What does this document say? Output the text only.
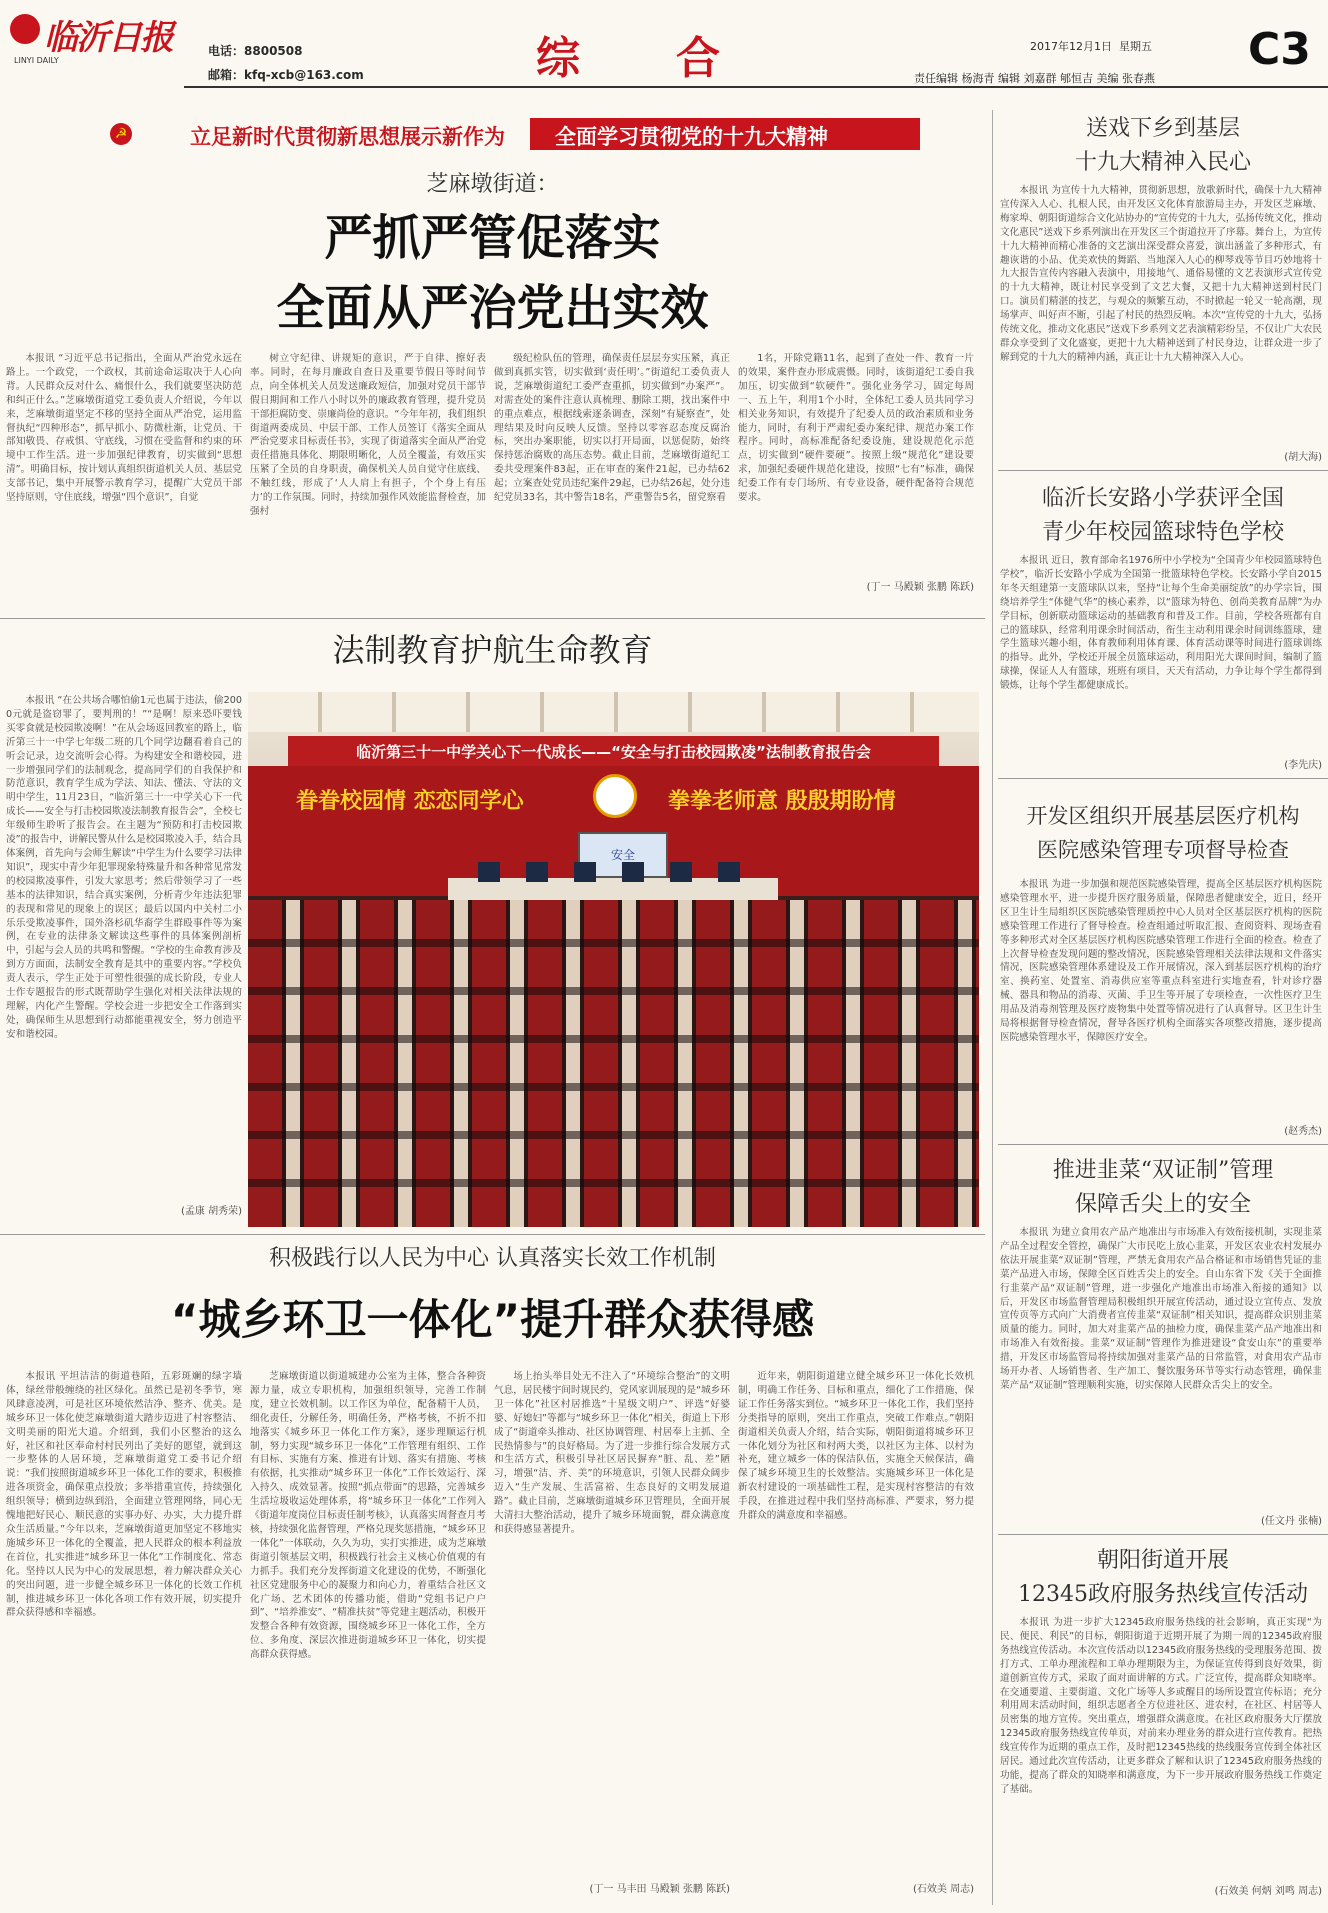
临沂日报
LINYI DAILY
电话：8800508
邮箱：kfq-xcb@163.com	综合	2017年12月1日 星期五 C3
责任编辑 杨海青 编辑 刘嘉群 郇恒吉 美编 张春燕
☭	立足新时代贯彻新思想展示新作为 全面学习贯彻党的十九大精神
芝麻墩街道：
严抓严管促落实
全面从严治党出实效
本报讯 “习近平总书记指出，全面从严治党永远在路上。一个政党，一个政权，其前途命运取决于人心向背。人民群众反对什么、痛恨什么，我们就要坚决防范和纠正什么。”芝麻墩街道党工委负责人介绍说，今年以来，芝麻墩街道坚定不移的坚持全面从严治党，运用监督执纪“四种形态”，抓早抓小、防微杜渐，让党员、干部知敬畏、存戒惧、守底线，习惯在受监督和约束的环境中工作生活。进一步加强纪律教育，切实做到“思想清”。明确目标，按计划认真组织街道机关人员、基层党支部书记，集中开展警示教育学习，提醒广大党员干部坚持原则，守住底线，增强“四个意识”，自觉
树立守纪律、讲规矩的意识，严于自律、擦好表率。同时，在每月廉政自查日及重要节假日等时间节点，向全体机关人员发送廉政短信，加强对党员干部节假日期间和工作八小时以外的廉政教育管理，提升党员干部拒腐防变、崇廉尚俭的意识。“今年年初，我们组织街道两委成员、中层干部、工作人员签订《落实全面从严治党要求目标责任书》，实现了街道落实全面从严治党责任措施具体化、期限明晰化，人员全覆盖，有效压实压紧了全员的自身职责，确保机关人员自觉守住底线、不触红线，形成了‘人人肩上有担子，个个身上有压力’的工作氛围。同时，持续加强作风效能监督检查，加强村
级纪检队伍的管理，确保责任层层夯实压紧，真正做到真抓实管，切实做到‘责任明’。”街道纪工委负责人说，芝麻墩街道纪工委严查重抓，切实做到“办案严”。对需查处的案件注意认真梳理、删除工期，找出案件中的重点难点，根据线索逐条调查，深刻“有疑察查”，处理结果及时向反映人反馈。坚持以零容忍态度反腐治标，突出办案职能，切实以打开局面，以惩促防，始终保持惩治腐败的高压态势。截止目前，芝麻墩街道纪工委共受理案件83起，正在审查的案件21起，已办结62起；立案查处党员违纪案件29起，已办结26起，处分违纪党员33名，其中警告18名，严重警告5名，留党察看
1名，开除党籍11名，起到了查处一件、教育一片的效果，案件查办形成震慑。同时，该街道纪工委自我加压，切实做到“软硬件”。强化业务学习，固定每周一、五上午，利用1个小时，全体纪工委人员共同学习相关业务知识，有效提升了纪委人员的政治素质和业务能力，同时，有利于严肃纪委办案纪律、规范办案工作程序。同时，高标准配备纪委设施，建设规范化示范点，切实做到“硬件要硬”。按照上级“规范化”建设要求，加强纪委硬件规范化建设，按照“七有”标准，确保纪委工作有专门场所、有专业设备，硬件配备符合规范要求。
(丁一 马殿颖 张鹏 陈跃)
法制教育护航生命教育
本报讯 “在公共场合哪怕偷1元也属于违法，偷2000元就是盗窃罪了，要判刑的！”“是啊！原来恐吓要钱买零食就是校园欺凌啊！”在从会场返回教室的路上，临沂第三十一中学七年级二班的几个同学边翻看着自己的听会记录，边交流听会心得。为构建安全和谐校园，进一步增强同学们的法制观念，提高同学们的自我保护和防范意识，教育学生成为学法、知法、懂法、守法的文明中学生，11月23日，“临沂第三十一中学关心下一代成长——安全与打击校园欺凌法制教育报告会”，全校七年级师生聆听了报告会。在主题为“预防和打击校园欺凌”的报告中，讲解民警从什么是校园欺凌入手，结合具体案例，首先向与会师生解读“中学生为什么要学习法律知识”，现实中青少年犯罪现象特殊量升和各种常见常发的校园欺凌事件，引发大家思考；然后带领学习了一些基本的法律知识，结合真实案例，分析青少年违法犯罪的表现和常见的现象上的误区；最后以国内中关村二小乐乐受欺凌事件，国外洛杉矶华裔学生群殴事件等为案例，在专业的法律条文解读这些事件的具体案例剖析中，引起与会人员的共鸣和警醒。“学校的生命教育涉及到方方面面，法制安全教育是其中的重要内容。”学校负责人表示，学生正处于可塑性很强的成长阶段，专业人士作专题报告的形式既帮助学生强化对相关法律法规的理解，内化产生警醒。学校会进一步把安全工作落到实处，确保师生从思想到行动都能重视安全，努力创造平安和谐校园。
(孟康 胡秀荣)
临沂第三十一中学关心下一代成长——“安全与打击校园欺凌”法制教育报告会
眷眷校园情 恋恋同学心	拳拳老师意 殷殷期盼情
安全
积极践行以人民为中心 认真落实长效工作机制
“城乡环卫一体化”提升群众获得感
本报讯 平坦洁洁的街道巷陌，五彩斑斓的绿字墙体，绿丝带般缠绕的社区绿化。虽然已是初冬季节，寒风肆意凌冽，可是社区环境依然洁净、整齐、优美。是城乡环卫一体化使芝麻墩街道大踏步迈进了村容整洁、文明美丽的阳光大道。介绍到，我们小区整治的这么好，社区和社区奉命村村民列出了美好的愿望，就到这一步整体的人居环境，芝麻墩街道党工委书记介绍说：“我们按照街道城乡环卫一体化工作的要求，积极推进各项资金，确保重点投放；多举措重宣传，持续强化组织领导；横到边纵到沿，全面建立管理网络，同心无愧地把好民心、顺民意的实事办好、办实，大力提升群众生活质量。”今年以来，芝麻墩街道更加坚定不移地实施城乡环卫一体化的全覆盖，把人民群众的根本利益放在首位，扎实推进“城乡环卫一体化”工作制度化、常态化。坚持以人民为中心的发展思想，着力解决群众关心的突出问题，进一步健全城乡环卫一体化的长效工作机制，推进城乡环卫一体化各项工作有效开展，切实提升群众获得感和幸福感。
芝麻墩街道以街道城建办公室为主体，整合各种资源力量，成立专职机构，加强组织领导，完善工作制度，建立长效机制。以工作区为单位，配备精干人员，细化责任，分解任务，明确任务，严格考核，不折不扣地落实《城乡环卫一体化工作方案》，逐步理顺运行机制，努力实现“城乡环卫一体化”工作管理有组织、工作有目标、实施有方案、推进有计划、落实有措施、考核有依据，扎实推动“城乡环卫一体化”工作长效运行、深入持久、成效显著。按照“抓点带面”的思路，完善城乡生活垃圾收运处理体系，将“城乡环卫一体化”工作列入《街道年度岗位目标责任制考核》，认真落实周督查月考核，持续强化监督管理，严格兑现奖惩措施，“城乡环卫一体化”一体联动，久久为功，实打实推进，成为芝麻墩街道引领基层文明，积极践行社会主义核心价值观的有力抓手。我们充分发挥街道文化建设的优势，不断强化社区党建服务中心的凝聚力和向心力，着重结合社区文化广场、艺术团体的传播功能，借助“党组书记户户到”、“培养淮安”、“精准扶贫”等党建主题活动，积极开发整合各种有效资源，围绕城乡环卫一体化工作，全方位、多角度、深层次推进街道城乡环卫一体化，切实提高群众获得感。
场上抬头举目处无不注入了“环境综合整治”的文明气息，居民楼宇间时规民约，党风家训展现的是“城乡环卫一体化”社区村居推选“十星级文明户”、评选“好婆婆、好媳妇”等都与“城乡环卫一体化”相关，街道上下形成了“街道牵头推动、社区协调管理、村居奉上主抓、全民热情参与”的良好格局。为了进一步推行综合发展方式和生活方式，积极引导社区居民摒弃“脏、乱、差”陋习，增强“洁、齐、美”的环境意识，引领人民群众阔步迈入“生产发展、生活富裕、生态良好的文明发展道路”。截止目前，芝麻墩街道城乡环卫管理员，全面开展大清扫大整治活动，提升了城乡环境面貌，群众满意度和获得感显著提升。
(丁一 马丰田 马殿颖 张鹏 陈跃)
近年来，朝阳街道建立健全城乡环卫一体化长效机制，明确工作任务、目标和重点，细化了工作措施，保证工作任务落实到位。“城乡环卫一体化工作，我们坚持分类指导的原则，突出工作重点，突破工作难点。”朝阳街道相关负责人介绍，结合实际，朝阳街道将城乡环卫一体化划分为社区和村两大类，以社区为主体、以村为补充，建立城乡一体的保洁队伍，实施全天候保洁，确保了城乡环境卫生的长效整洁。实施城乡环卫一体化是新农村建设的一项基础性工程，是实现村容整洁的有效手段，在推进过程中我们坚持高标准、严要求，努力提升群众的满意度和幸福感。
(石效美 周志)
送戏下乡到基层
十九大精神入民心
本报讯 为宣传十九大精神，贯彻新思想，放歌新时代，确保十九大精神宣传深入人心、扎根人民，由开发区文化体育旅游局主办，开发区芝麻墩、梅家埠、朝阳街道综合文化站协办的“宣传党的十九大，弘扬传统文化，推动文化惠民”送戏下乡系列演出在开发区三个街道拉开了序幕。舞台上，为宣传十九大精神而精心准备的文艺演出深受群众喜爱，演出涵盖了多种形式，有趣诙谐的小品、优美欢快的舞蹈、当地深入人心的柳琴戏等节目巧妙地将十九大报告宣传内容融入表演中，用接地气、通俗易懂的文艺表演形式宣传党的十九大精神，既让村民享受到了文艺大餐，又把十九大精神送到村民门口。演员们精湛的技艺，与观众的频繁互动，不时掀起一轮又一轮高潮，现场掌声、叫好声不断，引起了村民的热烈反响。本次“宣传党的十九大，弘扬传统文化，推动文化惠民”送戏下乡系列文艺表演精彩纷呈，不仅让广大农民群众享受到了文化盛宴，更把十九大精神送到了村民身边，让群众进一步了解到党的十九大的精神内涵，真正让十九大精神深入人心。
(胡大海)
临沂长安路小学获评全国
青少年校园篮球特色学校
本报讯 近日，教育部命名1976所中小学校为“全国青少年校园篮球特色学校”，临沂长安路小学成为全国第一批篮球特色学校。长安路小学自2015年冬天组建第一支篮球队以来，坚持“让每个生命美丽绽放”的办学宗旨，围绕培养学生“体健气华”的核心素养，以“篮球为特色、创尚美教育品牌”为办学目标，创新联动篮球运动的基础教育和普及工作。目前，学校各班都有自己的篮球队，经常利用课余时间活动，衔生主动利用课余时间训练篮球，建学生篮球兴趣小组，体育教师利用体育课、体育活动课等时间进行篮球训练的指导。此外，学校还开展全员篮球运动，利用阳光大课间时间，编制了篮球操，保证人人有篮球，班班有项目，天天有活动，力争让每个学生都得到锻炼，让每个学生都健康成长。
(李先庆)
开发区组织开展基层医疗机构
医院感染管理专项督导检查
本报讯 为进一步加强和规范医院感染管理，提高全区基层医疗机构医院感染管理水平，进一步提升医疗服务质量，保障患者健康安全，近日，经开区卫生计生局组织区医院感染管理质控中心人员对全区基层医疗机构的医院感染管理工作进行了督导检查。检查组通过听取汇报、查阅资料、现场查看等多种形式对全区基层医疗机构医院感染管理工作进行全面的检查。检查了上次督导检查发现问题的整改情况，医院感染管理相关法律法规和文件落实情况，医院感染管理体系建设及工作开展情况，深入到基层医疗机构的治疗室、换药室、处置室、消毒供应室等重点科室进行实地查看，针对诊疗器械、器具和物品的消毒、灭菌、手卫生等开展了专项检查，一次性医疗卫生用品及消毒剂管理及医疗废物集中处置等情况进行了认真督导。区卫生计生局将根据督导检查情况，督导各医疗机构全面落实各项整改措施，逐步提高医院感染管理水平，保障医疗安全。
(赵秀杰)
推进韭菜“双证制”管理
保障舌尖上的安全
本报讯 为建立食用农产品产地准出与市场准入有效衔接机制，实现韭菜产品全过程安全管控，确保广大市民吃上放心韭菜，开发区农业农村发展办依法开展韭菜“双证制”管理，严禁无食用农产品合格证和市场销售凭证的韭菜产品进入市场，保障全区百姓舌尖上的安全。自山东省下发《关于全面推行韭菜产品“双证制”管理，进一步强化产地准出市场准入衔接的通知》以后，开发区市场监督管理局积极组织开展宣传活动，通过设立宣传点、发放宣传页等方式向广大消费者宣传韭菜“双证制”相关知识，提高群众识别韭菜质量的能力。同时，加大对韭菜产品的抽检力度，确保韭菜产品产地准出和市场准入有效衔接。韭菜“双证制”管理作为推进建设“食安山东”的重要举措，开发区市场监管局将持续加强对韭菜产品的日常监管，对食用农产品市场开办者、人场销售者、生产加工、餐饮服务环节等实行动态管理，确保韭菜产品“双证制”管理顺利实施，切实保障人民群众舌尖上的安全。
(任文丹 张楠)
朝阳街道开展
12345政府服务热线宣传活动
本报讯 为进一步扩大12345政府服务热线的社会影响，真正实现“为民、便民、利民”的目标，朝阳街道于近期开展了为期一周的12345政府服务热线宣传活动。本次宣传活动以12345政府服务热线的受理服务范围、拨打方式、工单办理流程和工单办理期限为主，为保证宣传得到良好效果，街道创新宣传方式，采取了面对面讲解的方式。广泛宣传，提高群众知晓率。在交通要道、主要街道、文化广场等人多或醒目的场所设置宣传标语；充分利用周末活动时间，组织志愿者全方位进社区、进农村，在社区、村居等人员密集的地方宣传。突出重点，增强群众满意度。在社区政府服务大厅摆放12345政府服务热线宣传单页，对前来办理业务的群众进行宣传教育。把热线宣传作为近期的重点工作，及时把12345热线的热线服务宣传到全体社区居民。通过此次宣传活动，让更多群众了解和认识了12345政府服务热线的功能，提高了群众的知晓率和满意度，为下一步开展政府服务热线工作奠定了基础。
(石效美 何炳 刘鸣 周志)
